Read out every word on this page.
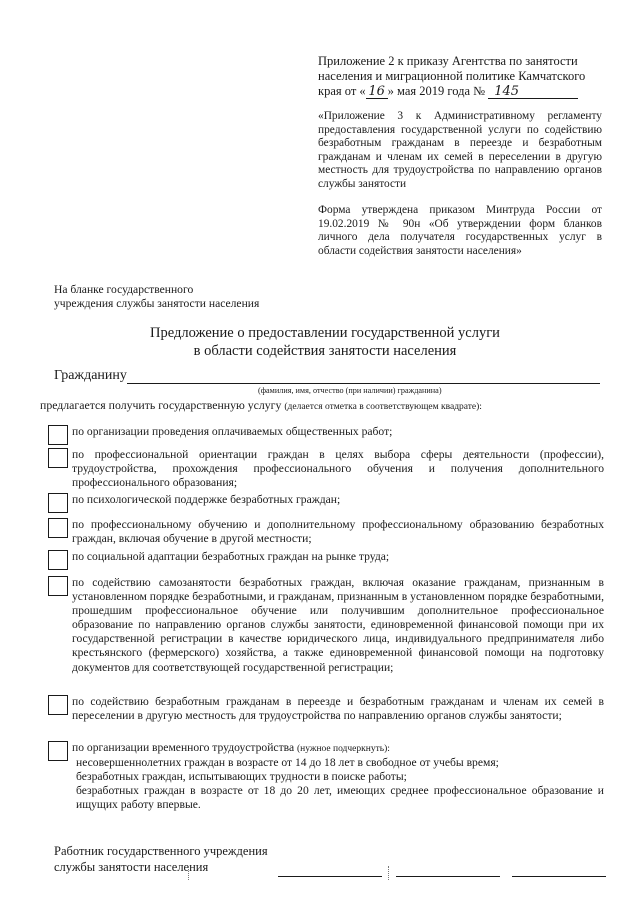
Приложение 2 к приказу Агентства по занятости
населения и миграционной политике Камчатского
края от « 16 » мая 2019 года № 145
«Приложение 3 к Административному регламенту предоставления государственной услуги по содействию безработным гражданам в переезде и безработным гражданам и членам их семей в переселении в другую местность для трудоустройства по направлению органов службы занятости
Форма утверждена приказом Минтруда России от 19.02.2019 № 90н «Об утверждении форм бланков личного дела получателя государственных услуг в области содействия занятости населения»
На бланке государственного
учреждения службы занятости населения
Предложение о предоставлении государственной услуги
в области содействия занятости населения
Гражданину
(фамилия, имя, отчество (при наличии) гражданина)
предлагается получить государственную услугу (делается отметка в соответствующем квадрате):
по организации проведения оплачиваемых общественных работ;
по профессиональной ориентации граждан в целях выбора сферы деятельности (профессии), трудоустройства, прохождения профессионального обучения и получения дополнительного профессионального образования;
по психологической поддержке безработных граждан;
по профессиональному обучению и дополнительному профессиональному образованию безработных граждан, включая обучение в другой местности;
по социальной адаптации безработных граждан на рынке труда;
по содействию самозанятости безработных граждан, включая оказание гражданам, признанным в установленном порядке безработными, и гражданам, признанным в установленном порядке безработными, прошедшим профессиональное обучение или получившим дополнительное профессиональное образование по направлению органов службы занятости, единовременной финансовой помощи при их государственной регистрации в качестве юридического лица, индивидуального предпринимателя либо крестьянского (фермерского) хозяйства, а также единовременной финансовой помощи на подготовку документов для соответствующей государственной регистрации;
по содействию безработным гражданам в переезде и безработным гражданам и членам их семей в переселении в другую местность для трудоустройства по направлению органов службы занятости;
по организации временного трудоустройства (нужное подчеркнуть):
несовершеннолетних граждан в возрасте от 14 до 18 лет в свободное от учебы время;
безработных граждан, испытывающих трудности в поиске работы;
безработных граждан в возрасте от 18 до 20 лет, имеющих среднее профессиональное образование и ищущих работу впервые.
Работник государственного учреждения
службы занятости населения
